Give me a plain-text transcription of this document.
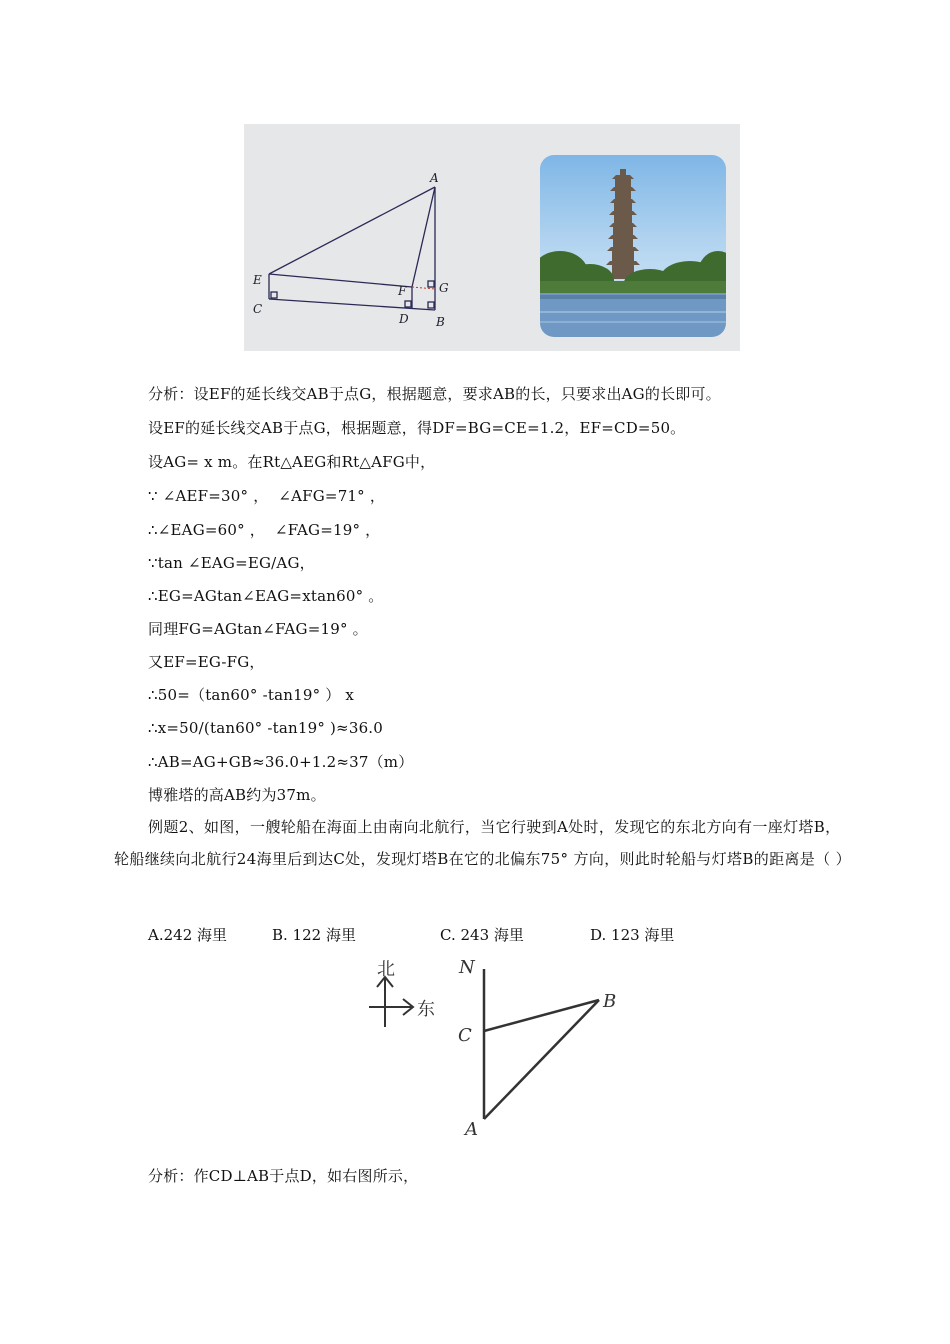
A
E
C
F	G
D B
分析：设EF的延长线交AB于点G，根据题意，要求AB的长，只要求出AG的长即可。
设EF的延长线交AB于点G，根据题意，得DF=BG=CE=1.2，EF=CD=50。
设AG= x m。在Rt△AEG和Rt△AFG中，
∵ ∠AEF=30° ，  ∠AFG=71° ，
∴∠EAG=60° ，  ∠FAG=19° ，
∵tan ∠EAG=EG/AG，
∴EG=AGtan∠EAG=xtan60° 。
同理FG=AGtan∠FAG=19° 。
又EF=EG-FG，
∴50=（tan60° -tan19° ） x
∴x=50/(tan60° -tan19° )≈36.0
∴AB=AG+GB≈36.0+1.2≈37（m）
博雅塔的高AB约为37m。
例题2、如图，一艘轮船在海面上由南向北航行，当它行驶到A处时，发现它的东北方向有一座灯塔B，轮船继续向北航行24海里后到达C处，发现灯塔B在它的北偏东75° 方向，则此时轮船与灯塔B的距离是（ ）
A.242 海里	B. 122 海里	C. 243 海里	D. 123 海里
北
东
N
B
C
A
分析：作CD⊥AB于点D，如右图所示，
